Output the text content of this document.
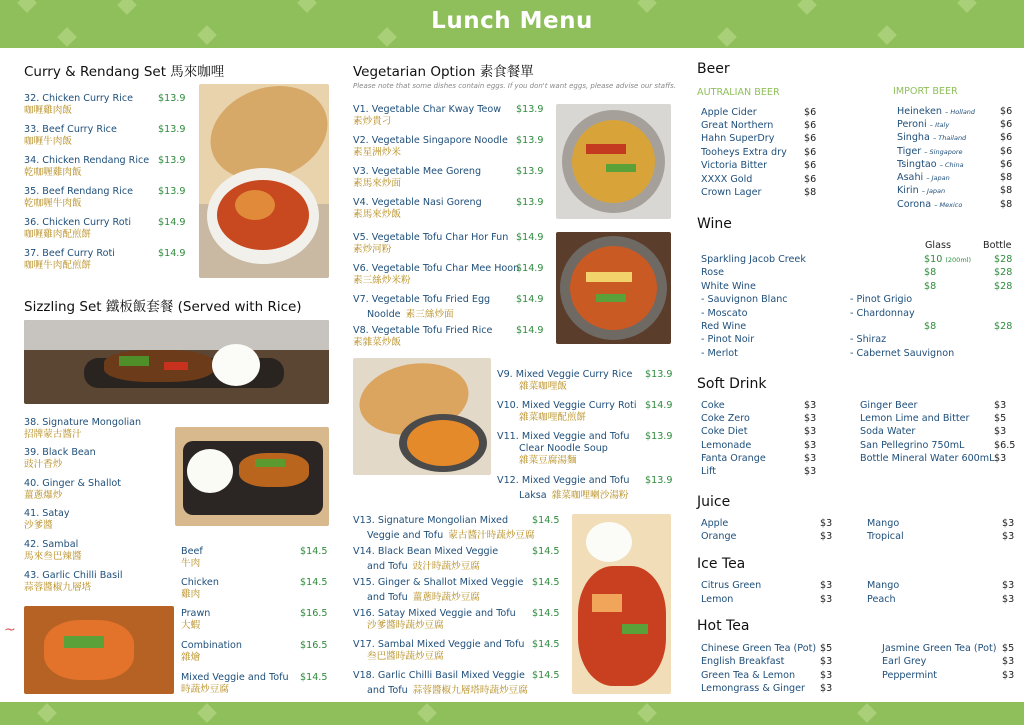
Lunch Menu
Curry & Rendang Set 馬來咖哩
32. Chicken Curry Rice
咖喱雞肉飯
$13.9
33. Beef Curry Rice
咖喱牛肉飯
$13.9
34. Chicken Rendang Rice
乾咖喱雞肉飯
$13.9
35. Beef Rendang Rice
乾咖喱牛肉飯
$13.9
36. Chicken Curry Roti
咖喱雞肉配煎餅
$14.9
37. Beef Curry Roti
咖喱牛肉配煎餅
$14.9
Sizzling Set 鐵板飯套餐 (Served with Rice)
38. Signature Mongolian
招牌蒙古醬汁
39. Black Bean
豉汁香炒
40. Ginger & Shallot
薑蔥爆炒
41. Satay
沙爹醬
42. Sambal
馬來叁巴辣醬
43. Garlic Chilli Basil
蒜蓉醬椒九層塔
~
Beef
牛肉
$14.5
Chicken
雞肉
$14.5
Prawn
大蝦
$16.5
Combination
雜燴
$16.5
Mixed Veggie and Tofu
時蔬炒豆腐
$14.5
Vegetarian Option 素食餐單
Please note that some dishes contain eggs. If you don't want eggs, please advise our staffs.
V1. Vegetable Char Kway Teow
素炒貴刁
$13.9
V2. Vegetable Singapore Noodle
素星洲炒米
$13.9
V3. Vegetable Mee Goreng
素馬來炒面
$13.9
V4. Vegetable Nasi Goreng
素馬來炒飯
$13.9
V5. Vegetable Tofu Char Hor Fun
素炒河粉
$14.9
V6. Vegetable Tofu Char Mee Hoon
素三絲炒米粉
$14.9
V7. Vegetable Tofu Fried Egg
Noolde 素三絲炒面
$14.9
V8. Vegetable Tofu Fried Rice
素雜菜炒飯
$14.9
V9. Mixed Veggie Curry Rice
雜菜咖哩飯
$13.9
V10. Mixed Veggie Curry Roti
雜菜咖哩配煎餅
$14.9
V11. Mixed Veggie and Tofu
Clear Noodle Soup
雜菜豆腐湯麵
$13.9
V12. Mixed Veggie and Tofu
Laksa 雜菜咖哩喇沙湯粉
$13.9
V13. Signature Mongolian Mixed
Veggie and Tofu 蒙古醬汁時蔬炒豆腐
$14.5
V14. Black Bean Mixed Veggie
and Tofu 豉汁時蔬炒豆腐
$14.5
V15. Ginger & Shallot Mixed Veggie
and Tofu 薑蔥時蔬炒豆腐
$14.5
V16. Satay Mixed Veggie and Tofu
沙爹醬時蔬炒豆腐
$14.5
V17. Sambal Mixed Veggie and Tofu
叁巴醬時蔬炒豆腐
$14.5
V18. Garlic Chilli Basil Mixed Veggie
and Tofu 蒜蓉醬椒九層塔時蔬炒豆腐
$14.5
Beer
AUTRALIAN BEER	IMPORT BEER
Apple Cider	$6
Great Northern	$6
Hahn SuperDry	$6
Tooheys Extra dry $6
Victoria Bitter	$6
XXXX Gold	$6
Crown Lager	$8
Heineken – Holland	$6
Peroni – Italy	$6
Singha – Thailand	$6
Tiger – Singapore	$6
Tsingtao – China	$6
Asahi – Japan	$8
Kirin – Japan	$8
Corona – Mexico	$8
Wine
Glass	Bottle
Sparkling Jacob Creek	$10 (200ml) $28
Rose	$8	$28
White Wine	$8	$28
- Sauvignon Blanc
- Moscato
- Pinot Grigio
- Chardonnay
Red Wine	$8	$28
- Pinot Noir
- Merlot
- Shiraz
- Cabernet Sauvignon
Soft Drink
Coke	$3
Coke Zero	$3
Coke Diet	$3
Lemonade	$3
Fanta Orange	$3
Lift	$3
Ginger Beer	$3
Lemon Lime and Bitter	$5
Soda Water	$3
San Pellegrino 750mL	$6.5
Bottle Mineral Water 600mL $3
Juice
Apple	$3
Orange	$3
Mango	$3
Tropical	$3
Ice Tea
Citrus Green	$3
Lemon	$3
Mango	$3
Peach	$3
Hot Tea
Chinese Green Tea (Pot) $5
English Breakfast	$3
Green Tea & Lemon	$3
Lemongrass & Ginger $3
Jasmine Green Tea (Pot) $5
Earl Grey	$3
Peppermint	$3
